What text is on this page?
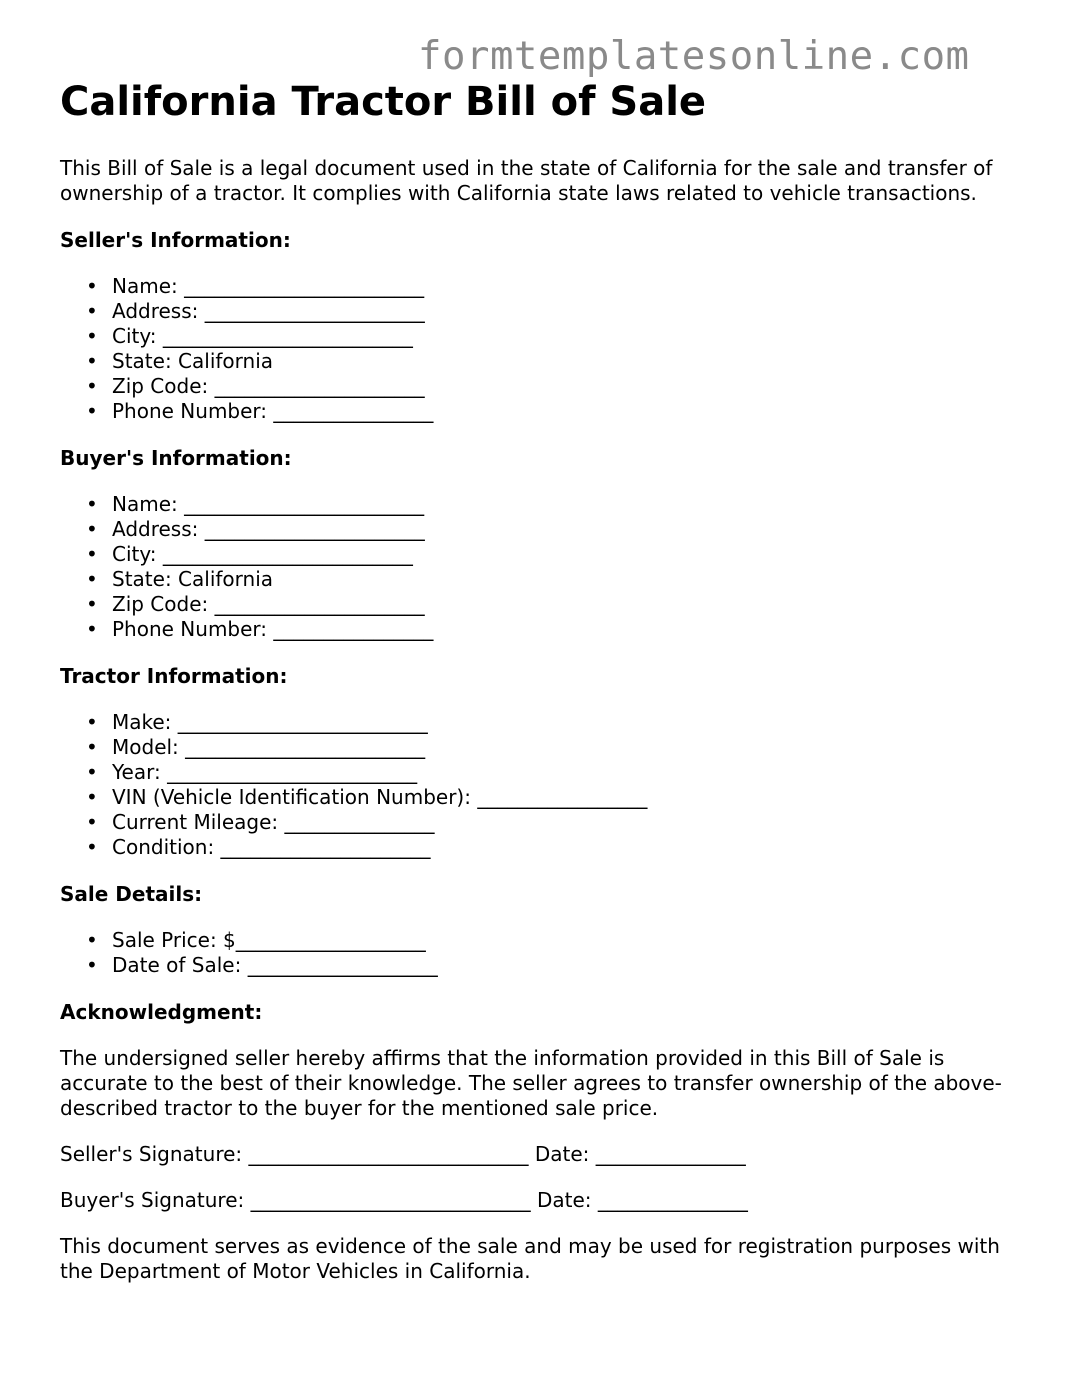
formtemplatesonline.com
California Tractor Bill of Sale

This Bill of Sale is a legal document used in the state of California for the sale and transfer of ownership of a tractor. It complies with California state laws related to vehicle transactions.

Seller's Information:
• Name: ________________________
• Address: ______________________
• City: _________________________
• State: California
• Zip Code: _____________________
• Phone Number: ________________
Buyer's Information:
• Name: ________________________
• Address: ______________________
• City: _________________________
• State: California
• Zip Code: _____________________
• Phone Number: ________________
Tractor Information:
• Make: _________________________
• Model: ________________________
• Year: _________________________
• VIN (Vehicle Identification Number): _________________
• Current Mileage: _______________
• Condition: _____________________
Sale Details:
• Sale Price: $___________________
• Date of Sale: ___________________
Acknowledgment:

The undersigned seller hereby affirms that the information provided in this Bill of Sale is accurate to the best of their knowledge. The seller agrees to transfer ownership of the above-described tractor to the buyer for the mentioned sale price.

Seller's Signature: ____________________________ Date: _______________

Buyer's Signature: ____________________________ Date: _______________

This document serves as evidence of the sale and may be used for registration purposes with the Department of Motor Vehicles in California.
